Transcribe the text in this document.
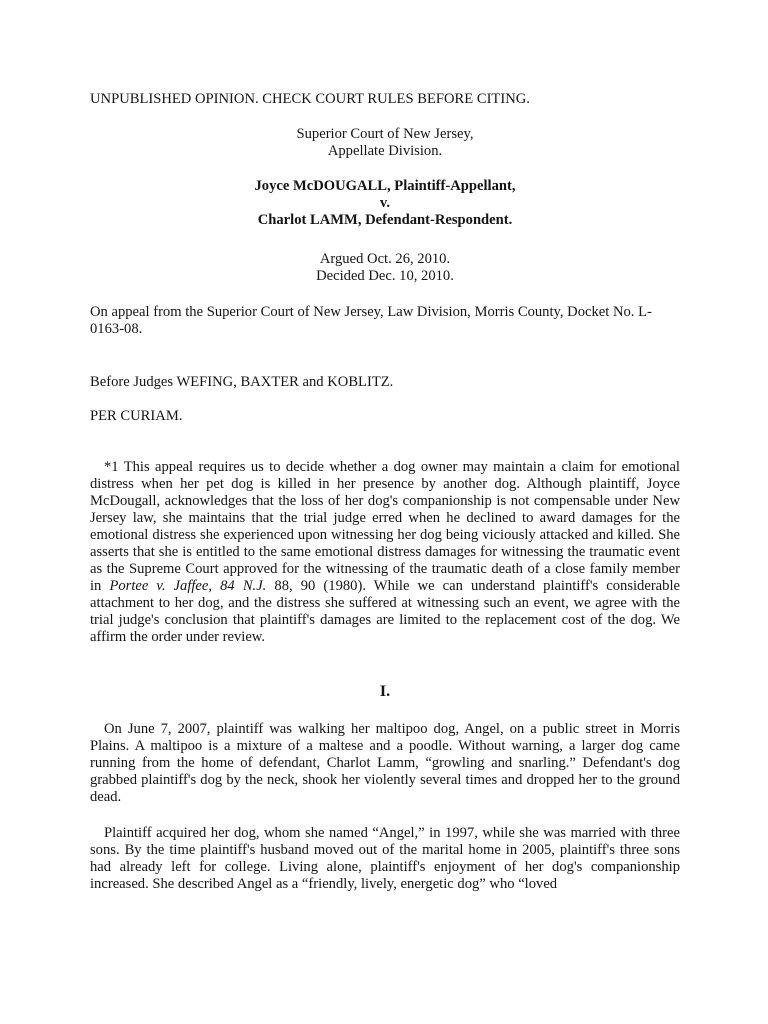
UNPUBLISHED OPINION. CHECK COURT RULES BEFORE CITING.

Superior Court of New Jersey,
Appellate Division.
Joyce McDOUGALL, Plaintiff-Appellant,
v.
Charlot LAMM, Defendant-Respondent.
Argued Oct. 26, 2010.
Decided Dec. 10, 2010.

On appeal from the Superior Court of New Jersey, Law Division, Morris County, Docket No. L-0163-08.

Before Judges WEFING, BAXTER and KOBLITZ.

PER CURIAM.

*1 This appeal requires us to decide whether a dog owner may maintain a claim for emotional distress when her pet dog is killed in her presence by another dog. Although plaintiff, Joyce McDougall, acknowledges that the loss of her dog's companionship is not compensable under New Jersey law, she maintains that the trial judge erred when he declined to award damages for the emotional distress she experienced upon witnessing her dog being viciously attacked and killed. She asserts that she is entitled to the same emotional distress damages for witnessing the traumatic event as the Supreme Court approved for the witnessing of the traumatic death of a close family member in Portee v. Jaffee, 84 N.J. 88, 90 (1980). While we can understand plaintiff's considerable attachment to her dog, and the distress she suffered at witnessing such an event, we agree with the trial judge's conclusion that plaintiff's damages are limited to the replacement cost of the dog. We affirm the order under review.

I.

On June 7, 2007, plaintiff was walking her maltipoo dog, Angel, on a public street in Morris Plains. A maltipoo is a mixture of a maltese and a poodle. Without warning, a larger dog came running from the home of defendant, Charlot Lamm, “growling and snarling.” Defendant's dog grabbed plaintiff's dog by the neck, shook her violently several times and dropped her to the ground dead.

Plaintiff acquired her dog, whom she named “Angel,” in 1997, while she was married with three sons. By the time plaintiff's husband moved out of the marital home in 2005, plaintiff's three sons had already left for college. Living alone, plaintiff's enjoyment of her dog's companionship increased. She described Angel as a “friendly, lively, energetic dog” who “loved
